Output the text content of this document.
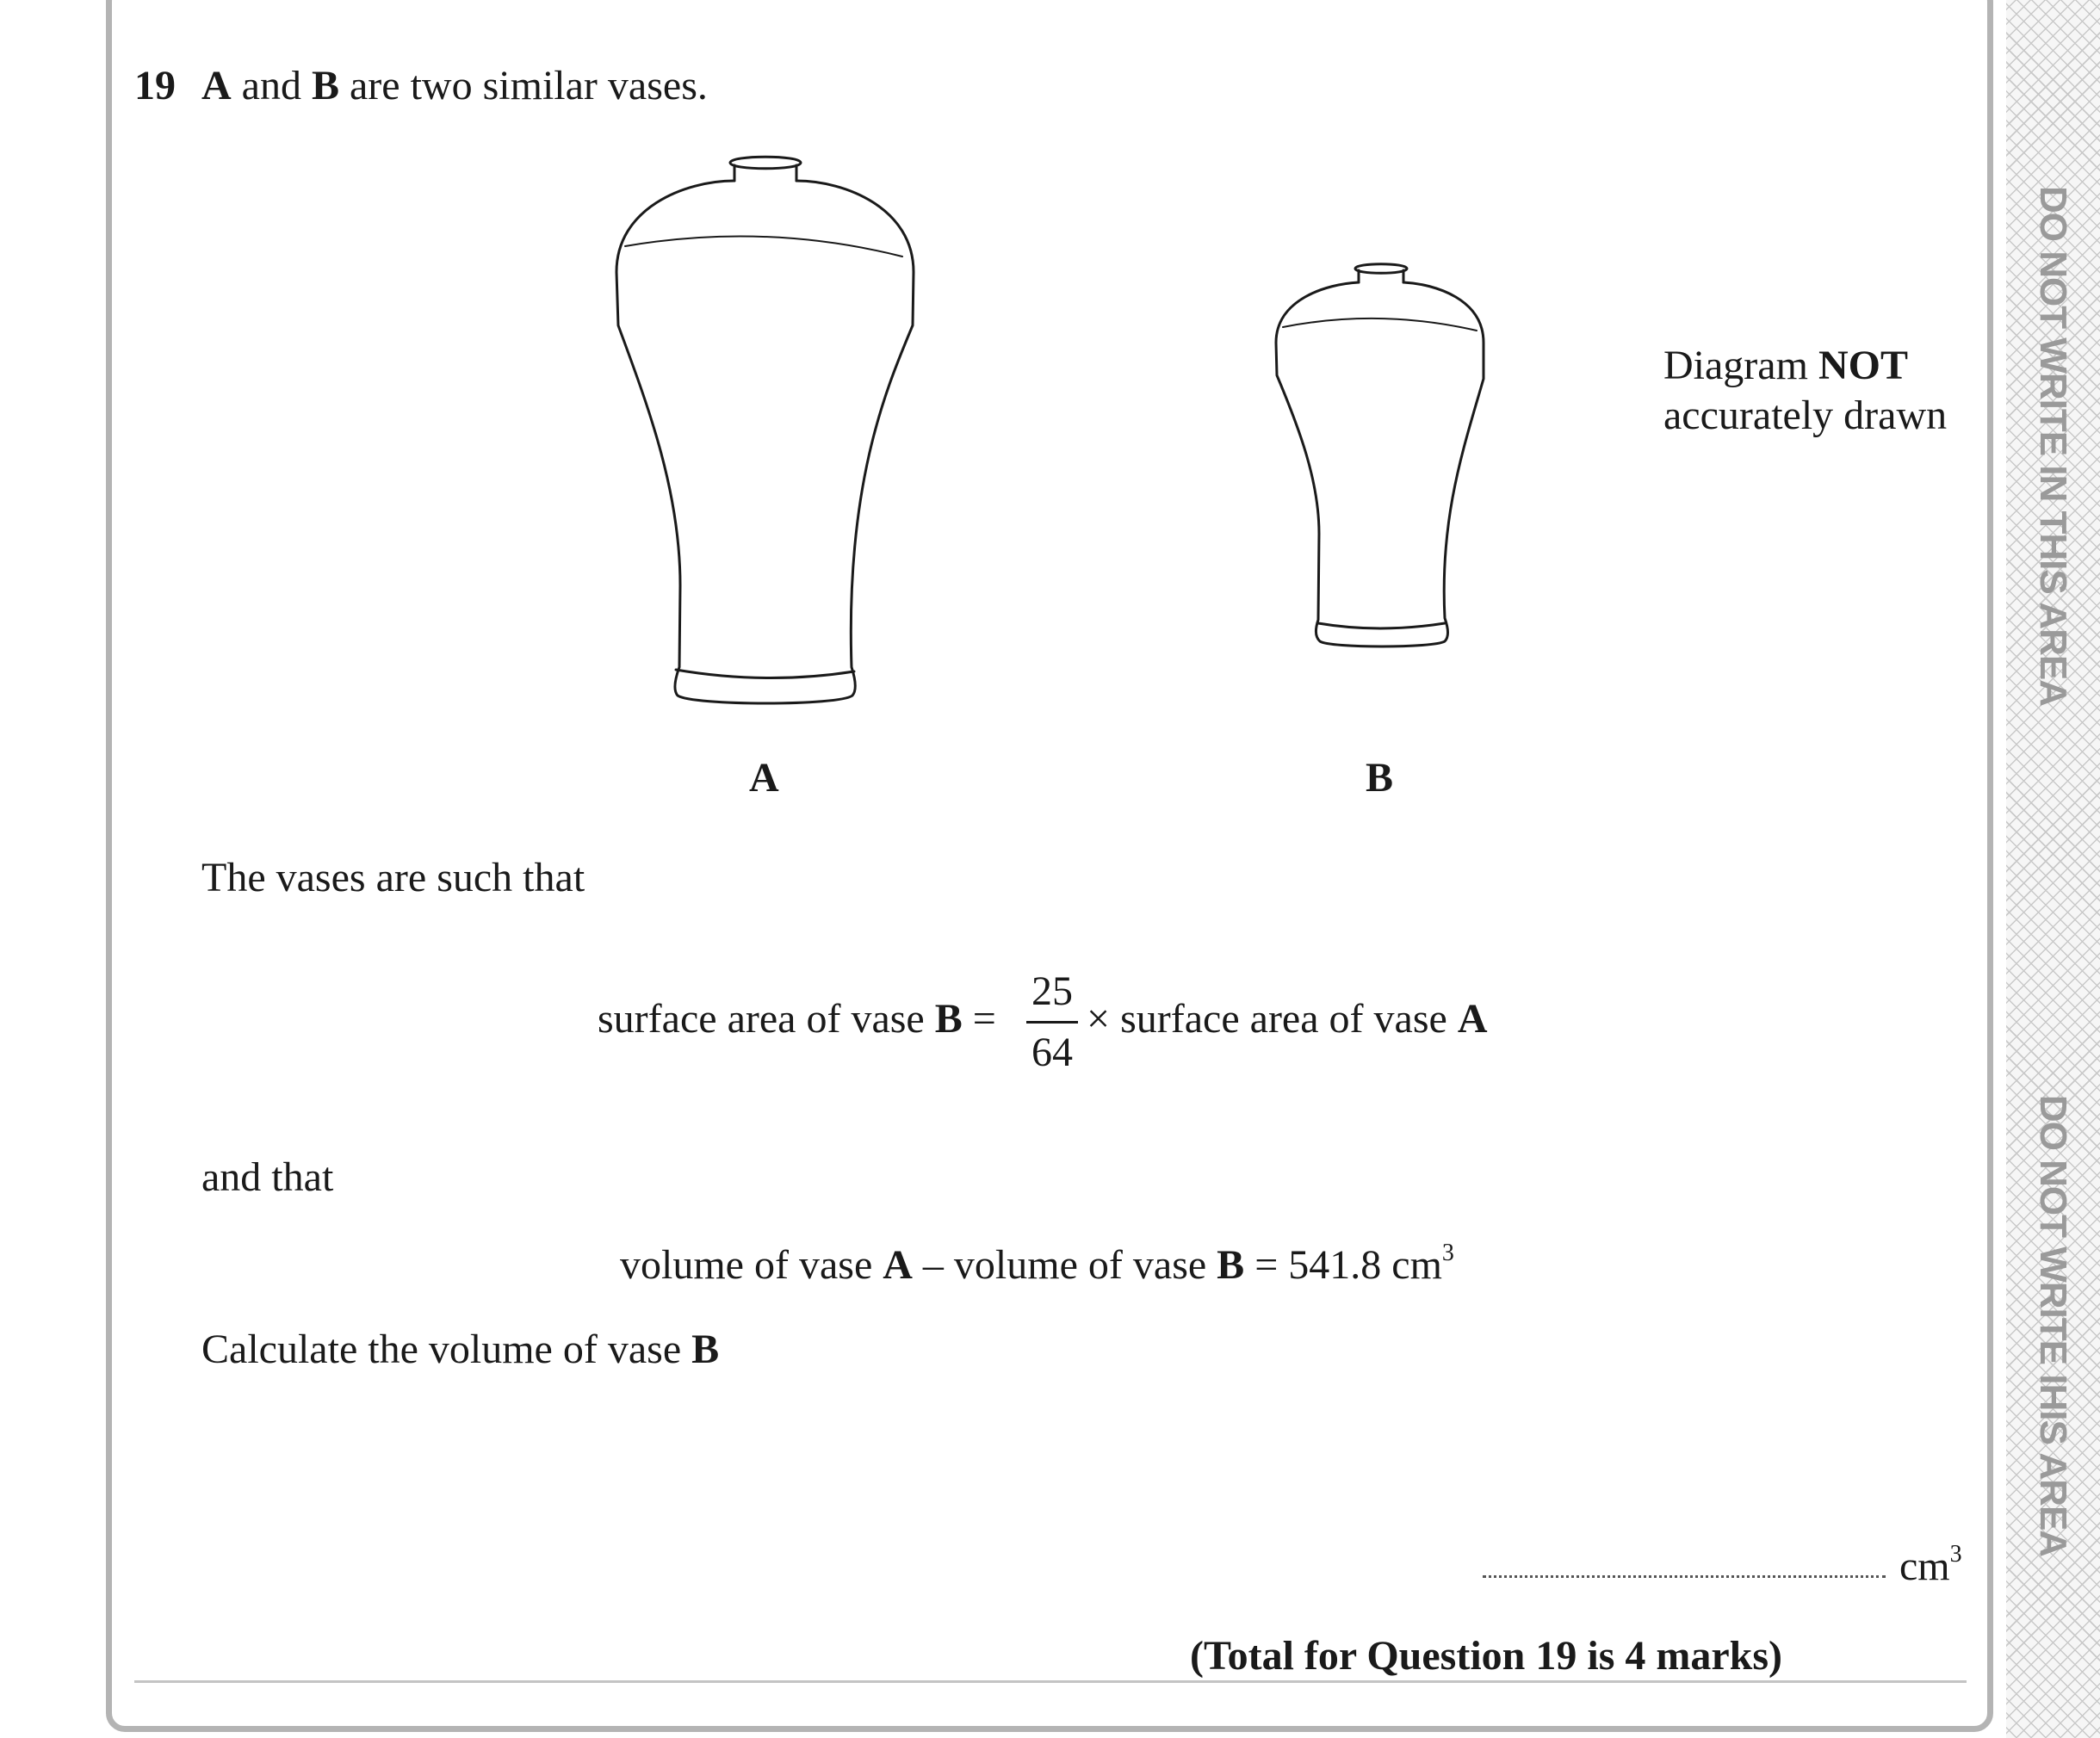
DO NOT WRITE IN THIS AREA
DO NOT WRITE IHIS AREA
19 A and B are two similar vases.
Diagram NOT
accurately drawn
A	B
The vases are such that
surface area of vase B =
25
64
× surface area of vase A
and that
volume of vase A – volume of vase B = 541.8 $cm^3$
Calculate the volume of vase B
$cm^3$
(Total for Question 19 is 4 marks)
